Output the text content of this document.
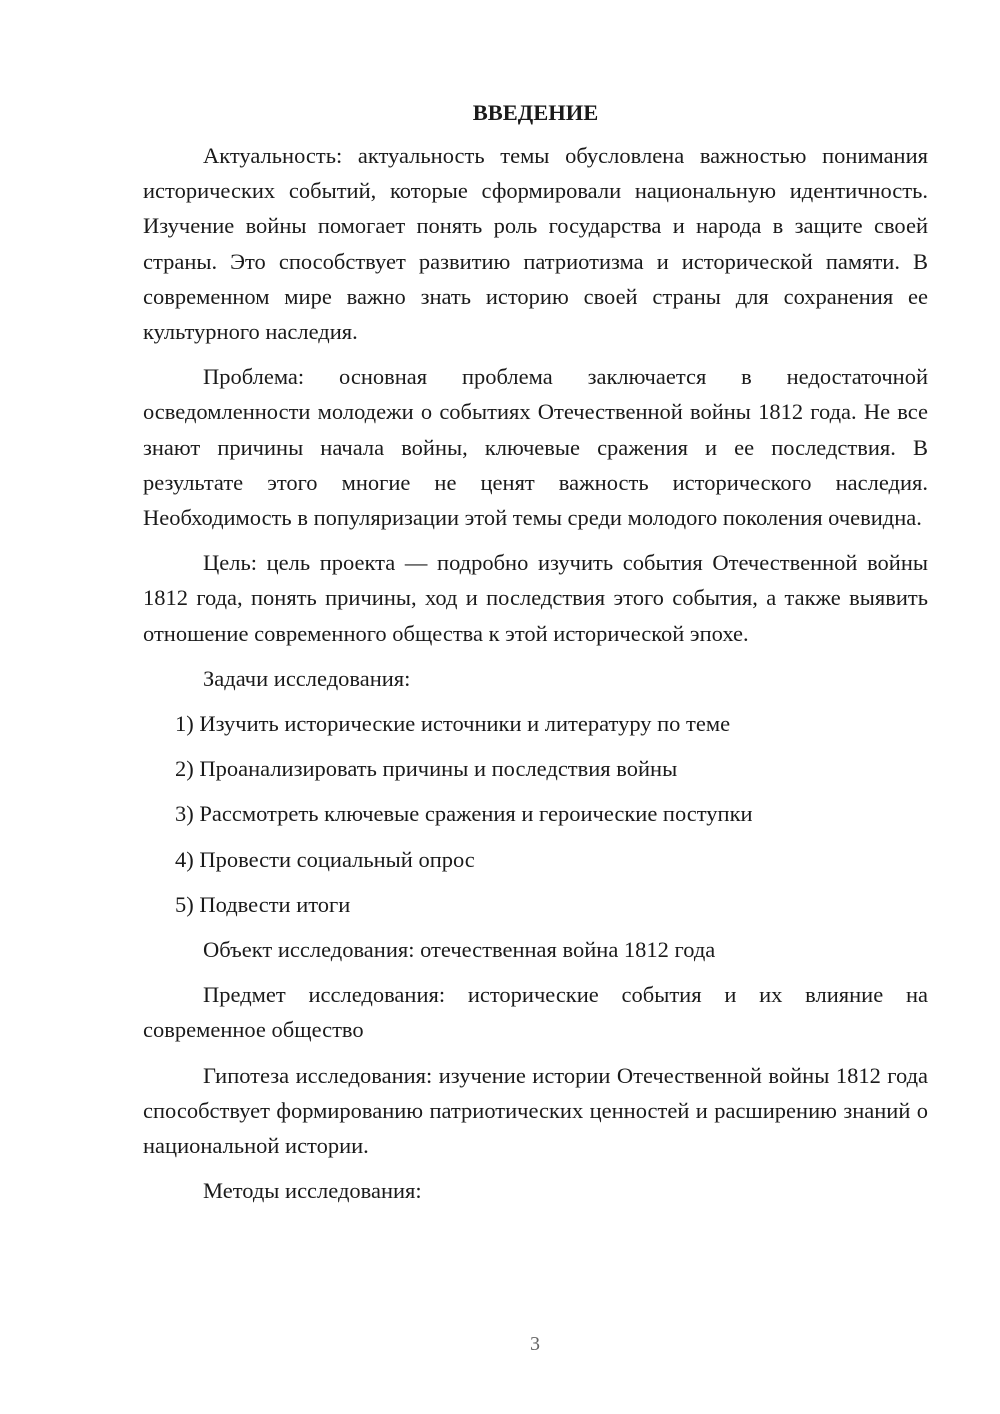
ВВЕДЕНИЕ

Актуальность: актуальность темы обусловлена важностью понимания исторических событий, которые сформировали национальную идентичность. Изучение войны помогает понять роль государства и народа в защите своей страны. Это способствует развитию патриотизма и исторической памяти. В современном мире важно знать историю своей страны для сохранения ее культурного наследия.

Проблема: основная проблема заключается в недостаточной осведомленности молодежи о событиях Отечественной войны 1812 года. Не все знают причины начала войны, ключевые сражения и ее последствия. В результате этого многие не ценят важность исторического наследия. Необходимость в популяризации этой темы среди молодого поколения очевидна.

Цель: цель проекта — подробно изучить события Отечественной войны 1812 года, понять причины, ход и последствия этого события, а также выявить отношение современного общества к этой исторической эпохе.

Задачи исследования:

1) Изучить исторические источники и литературу по теме

2) Проанализировать причины и последствия войны

3) Рассмотреть ключевые сражения и героические поступки

4) Провести социальный опрос

5) Подвести итоги

Объект исследования: отечественная война 1812 года

Предмет исследования: исторические события и их влияние на современное общество

Гипотеза исследования: изучение истории Отечественной войны 1812 года способствует формированию патриотических ценностей и расширению знаний о национальной истории.

Методы исследования:

3
